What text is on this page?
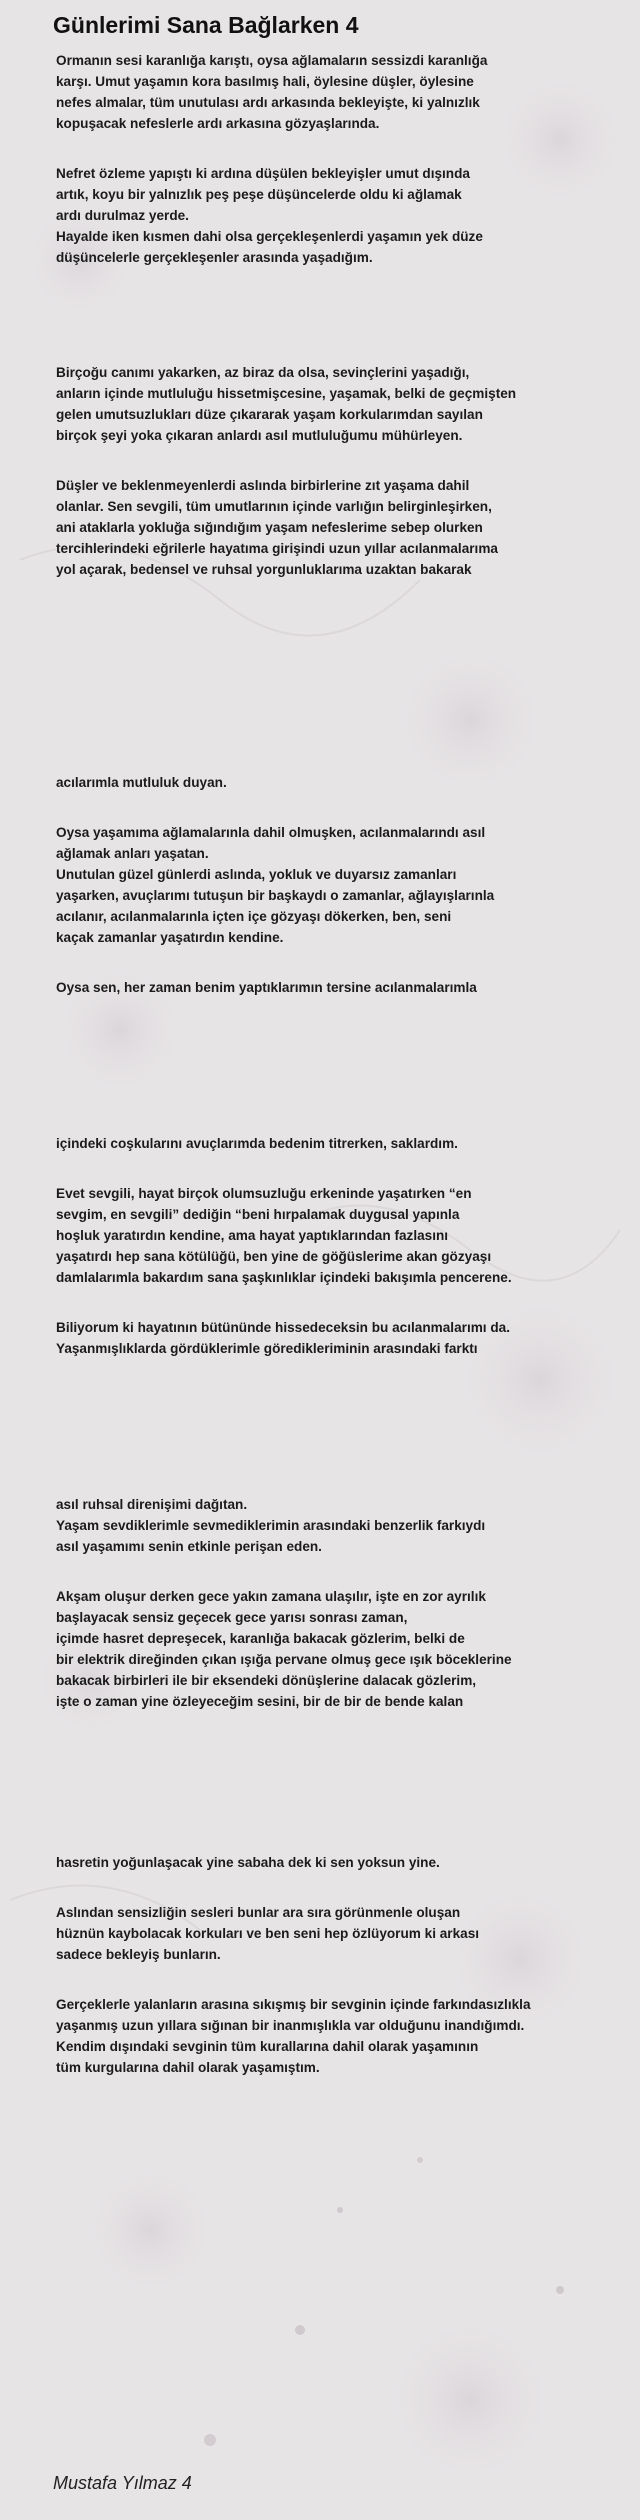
Günlerimi Sana Bağlarken 4

Ormanın sesi karanlığa karıştı, oysa ağlamaların sessizdi karanlığa
karşı. Umut yaşamın kora basılmış hali, öylesine düşler, öylesine
nefes almalar, tüm unutulası ardı arkasında bekleyişte, ki yalnızlık
kopuşacak nefeslerle ardı arkasına gözyaşlarında.

Nefret özleme yapıştı ki ardına düşülen bekleyişler umut dışında
artık, koyu bir yalnızlık peş peşe düşüncelerde oldu ki ağlamak
ardı durulmaz yerde.
Hayalde iken kısmen dahi olsa gerçekleşenlerdi yaşamın yek düze
düşüncelerle gerçekleşenler arasında yaşadığım.

Birçoğu canımı yakarken, az biraz da olsa, sevinçlerini yaşadığı,
anların içinde mutluluğu hissetmişcesine, yaşamak, belki de geçmişten
gelen umutsuzlukları düze çıkararak yaşam korkularımdan sayılan
birçok şeyi yoka çıkaran anlardı asıl mutluluğumu mühürleyen.

Düşler ve beklenmeyenlerdi aslında birbirlerine zıt yaşama dahil
olanlar. Sen sevgili, tüm umutlarının içinde varlığın belirginleşirken,
ani ataklarla yokluğa sığındığım yaşam nefeslerime sebep olurken
tercihlerindeki eğrilerle hayatıma girişindi uzun yıllar acılanmalarıma
yol açarak, bedensel ve ruhsal yorgunluklarıma uzaktan bakarak

acılarımla mutluluk duyan.

Oysa yaşamıma ağlamalarınla dahil olmuşken, acılanmalarındı asıl
ağlamak anları yaşatan.
Unutulan güzel günlerdi aslında, yokluk ve duyarsız zamanları
yaşarken, avuçlarımı tutuşun bir başkaydı o zamanlar, ağlayışlarınla
acılanır, acılanmalarınla içten içe gözyaşı dökerken, ben, seni
kaçak zamanlar yaşatırdın kendine.

Oysa sen, her zaman benim yaptıklarımın tersine acılanmalarımla

içindeki coşkularını avuçlarımda bedenim titrerken, saklardım.

Evet sevgili, hayat birçok olumsuzluğu erkeninde yaşatırken “en
sevgim, en sevgili” dediğin “beni hırpalamak duygusal yapınla
hoşluk yaratırdın kendine, ama hayat yaptıklarından fazlasını
yaşatırdı hep sana kötülüğü, ben yine de göğüslerime akan gözyaşı
damlalarımla bakardım sana şaşkınlıklar içindeki bakışımla pencerene.

Biliyorum ki hayatının bütününde hissedeceksin bu acılanmalarımı da.
Yaşanmışlıklarda gördüklerimle göredikleriminin arasındaki farktı

asıl ruhsal direnişimi dağıtan.
Yaşam sevdiklerimle sevmediklerimin arasındaki benzerlik farkıydı
asıl yaşamımı senin etkinle perişan eden.

Akşam oluşur derken gece yakın zamana ulaşılır, işte en zor ayrılık
başlayacak sensiz geçecek gece yarısı sonrası zaman,
içimde hasret depreşecek, karanlığa bakacak gözlerim, belki de
bir elektrik direğinden çıkan ışığa pervane olmuş gece ışık böceklerine
bakacak birbirleri ile bir eksendeki dönüşlerine dalacak gözlerim,
işte o zaman yine özleyeceğim sesini, bir de bir de bende kalan

hasretin yoğunlaşacak yine sabaha dek ki sen yoksun yine.

Aslından sensizliğin sesleri bunlar ara sıra görünmenle oluşan
hüznün kaybolacak korkuları ve ben seni hep özlüyorum ki arkası
sadece bekleyiş bunların.

Gerçeklerle yalanların arasına sıkışmış bir sevginin içinde farkındasızlıkla
yaşanmış uzun yıllara sığınan bir inanmışlıkla var olduğunu inandığımdı.
Kendim dışındaki sevginin tüm kurallarına dahil olarak yaşamının
tüm kurgularına dahil olarak yaşamıştım.

Mustafa Yılmaz 4
